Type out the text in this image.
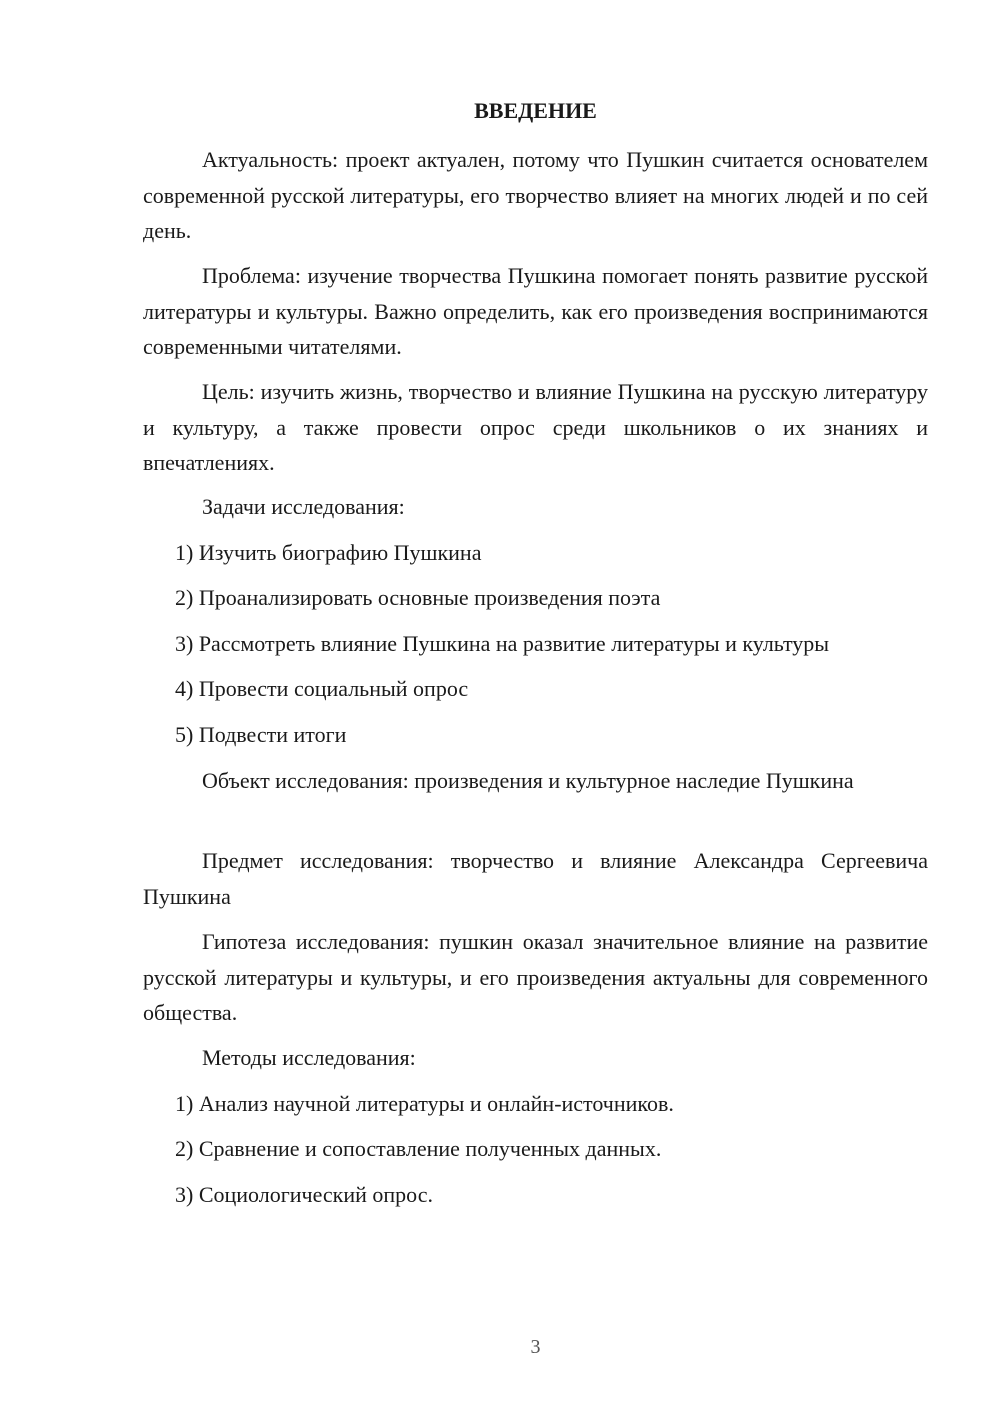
ВВЕДЕНИЕ

Актуальность: проект актуален, потому что Пушкин считается основателем современной русской литературы, его творчество влияет на многих людей и по сей день.

Проблема: изучение творчества Пушкина помогает понять развитие русской литературы и культуры. Важно определить, как его произведения воспринимаются современными читателями.

Цель: изучить жизнь, творчество и влияние Пушкина на русскую литературу и культуру, а также провести опрос среди школьников о их знаниях и впечатлениях.

Задачи исследования:

1) Изучить биографию Пушкина

2) Проанализировать основные произведения поэта

3) Рассмотреть влияние Пушкина на развитие литературы и культуры

4) Провести социальный опрос

5) Подвести итоги

Объект исследования: произведения и культурное наследие Пушкина

Предмет исследования: творчество и влияние Александра Сергеевича Пушкина

Гипотеза исследования: пушкин оказал значительное влияние на развитие русской литературы и культуры, и его произведения актуальны для современного общества.

Методы исследования:

1) Анализ научной литературы и онлайн-источников.

2) Сравнение и сопоставление полученных данных.

3) Социологический опрос.

3
